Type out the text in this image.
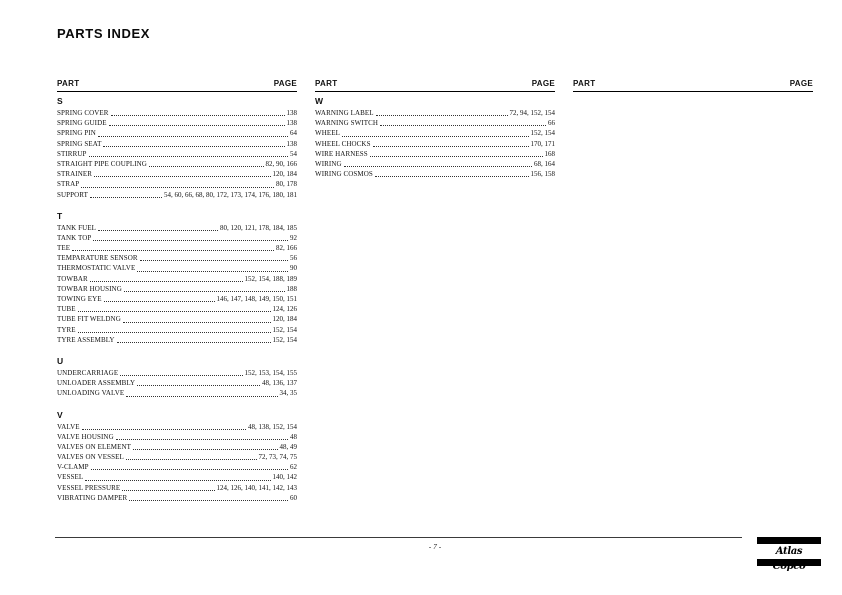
PARTS INDEX
PART	PAGE
S
SPRING COVER	138
SPRING GUIDE	138
SPRING PIN	64
SPRING SEAT	138
STIRRUP	54
STRAIGHT PIPE COUPLING	82, 90, 166
STRAINER	120, 184
STRAP	80, 178
SUPPORT	54, 60, 66, 68, 80, 172, 173, 174, 176, 180, 181
T
TANK FUEL	80, 120, 121, 178, 184, 185
TANK TOP	92
TEE	82, 166
TEMPARATURE SENSOR	56
THERMOSTATIC VALVE	90
TOWBAR	152, 154, 188, 189
TOWBAR HOUSING	188
TOWING EYE	146, 147, 148, 149, 150, 151
TUBE	124, 126
TUBE FIT WELDNG	120, 184
TYRE	152, 154
TYRE ASSEMBLY	152, 154
U
UNDERCARRIAGE	152, 153, 154, 155
UNLOADER ASSEMBLY	48, 136, 137
UNLOADING VALVE	34, 35
V
VALVE	48, 138, 152, 154
VALVE HOUSING	48
VALVES ON ELEMENT	48, 49
VALVES ON VESSEL	72, 73, 74, 75
V-CLAMP	62
VESSEL	140, 142
VESSEL PRESSURE	124, 126, 140, 141, 142, 143
VIBRATING DAMPER	60
PART	PAGE
W
WARNING LABEL	72, 94, 152, 154
WARNING SWITCH	66
WHEEL	152, 154
WHEEL CHOCKS	170, 171
WIRE HARNESS	168
WIRING	68, 164
WIRING COSMOS	156, 158
PART	PAGE
- 7 -	Atlas Copco
